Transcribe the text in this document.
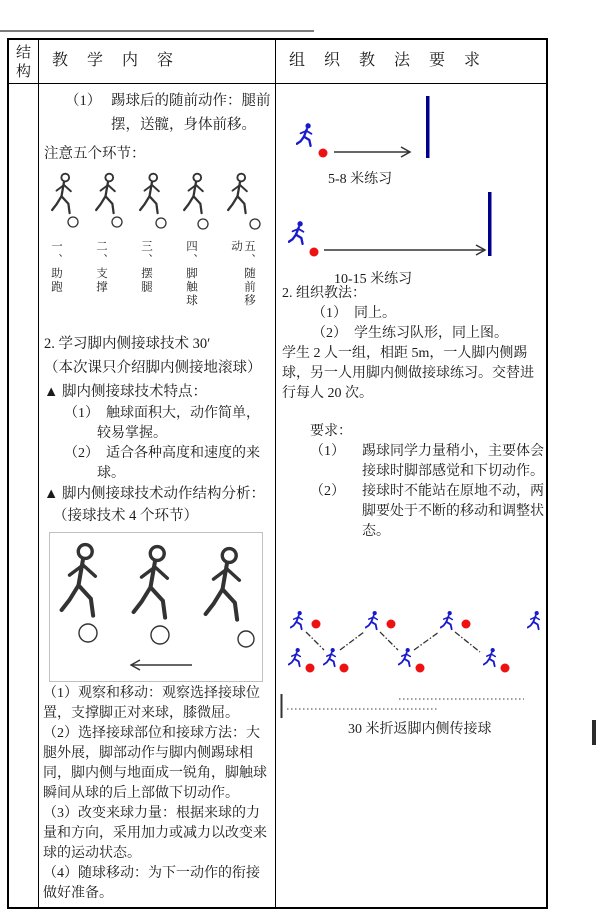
结构
教学内容	组织教法要求
（1） 踢球后的随前动作：腿前摆，送髋，身体前移。
注意五个环节：
一、助跑	二、支撑	三、摆腿	四、脚触球	五、随前移动
2. 学习脚内侧接球技术 30′
（本次课只介绍脚内侧接地滚球）
▲ 脚内侧接球技术特点：
（1）　触球面积大，动作简单，较易掌握。
（2）　适合各种高度和速度的来球。
▲ 脚内侧接球技术动作结构分析：
（接球技术 4 个环节）

（1）观察和移动：观察选择接球位置，支撑脚正对来球，膝微屈。

（2）选择接球部位和接球方法：大腿外展，脚部动作与脚内侧踢球相同，脚内侧与地面成一锐角，脚触球瞬间从球的后上部做下切动作。

（3）改变来球力量：根据来球的力量和方向，采用加力或减力以改变来球的运动状态。

（4）随球移动：为下一动作的衔接做好准备。

5-8 米练习
10-15 米练习
2. 组织教法：
（1）　同上。
（2）　学生练习队形，同上图。
学生 2 人一组，相距 5m，一人脚内侧踢球，另一人用脚内侧做接球练习。交替进行每人 20 次。
要求：
（1）	踢球同学力量稍小，主要体会接球时脚部感觉和下切动作。
（2）	接球时不能站在原地不动，两脚要处于不断的移动和调整状态。
30 米折返脚内侧传接球
